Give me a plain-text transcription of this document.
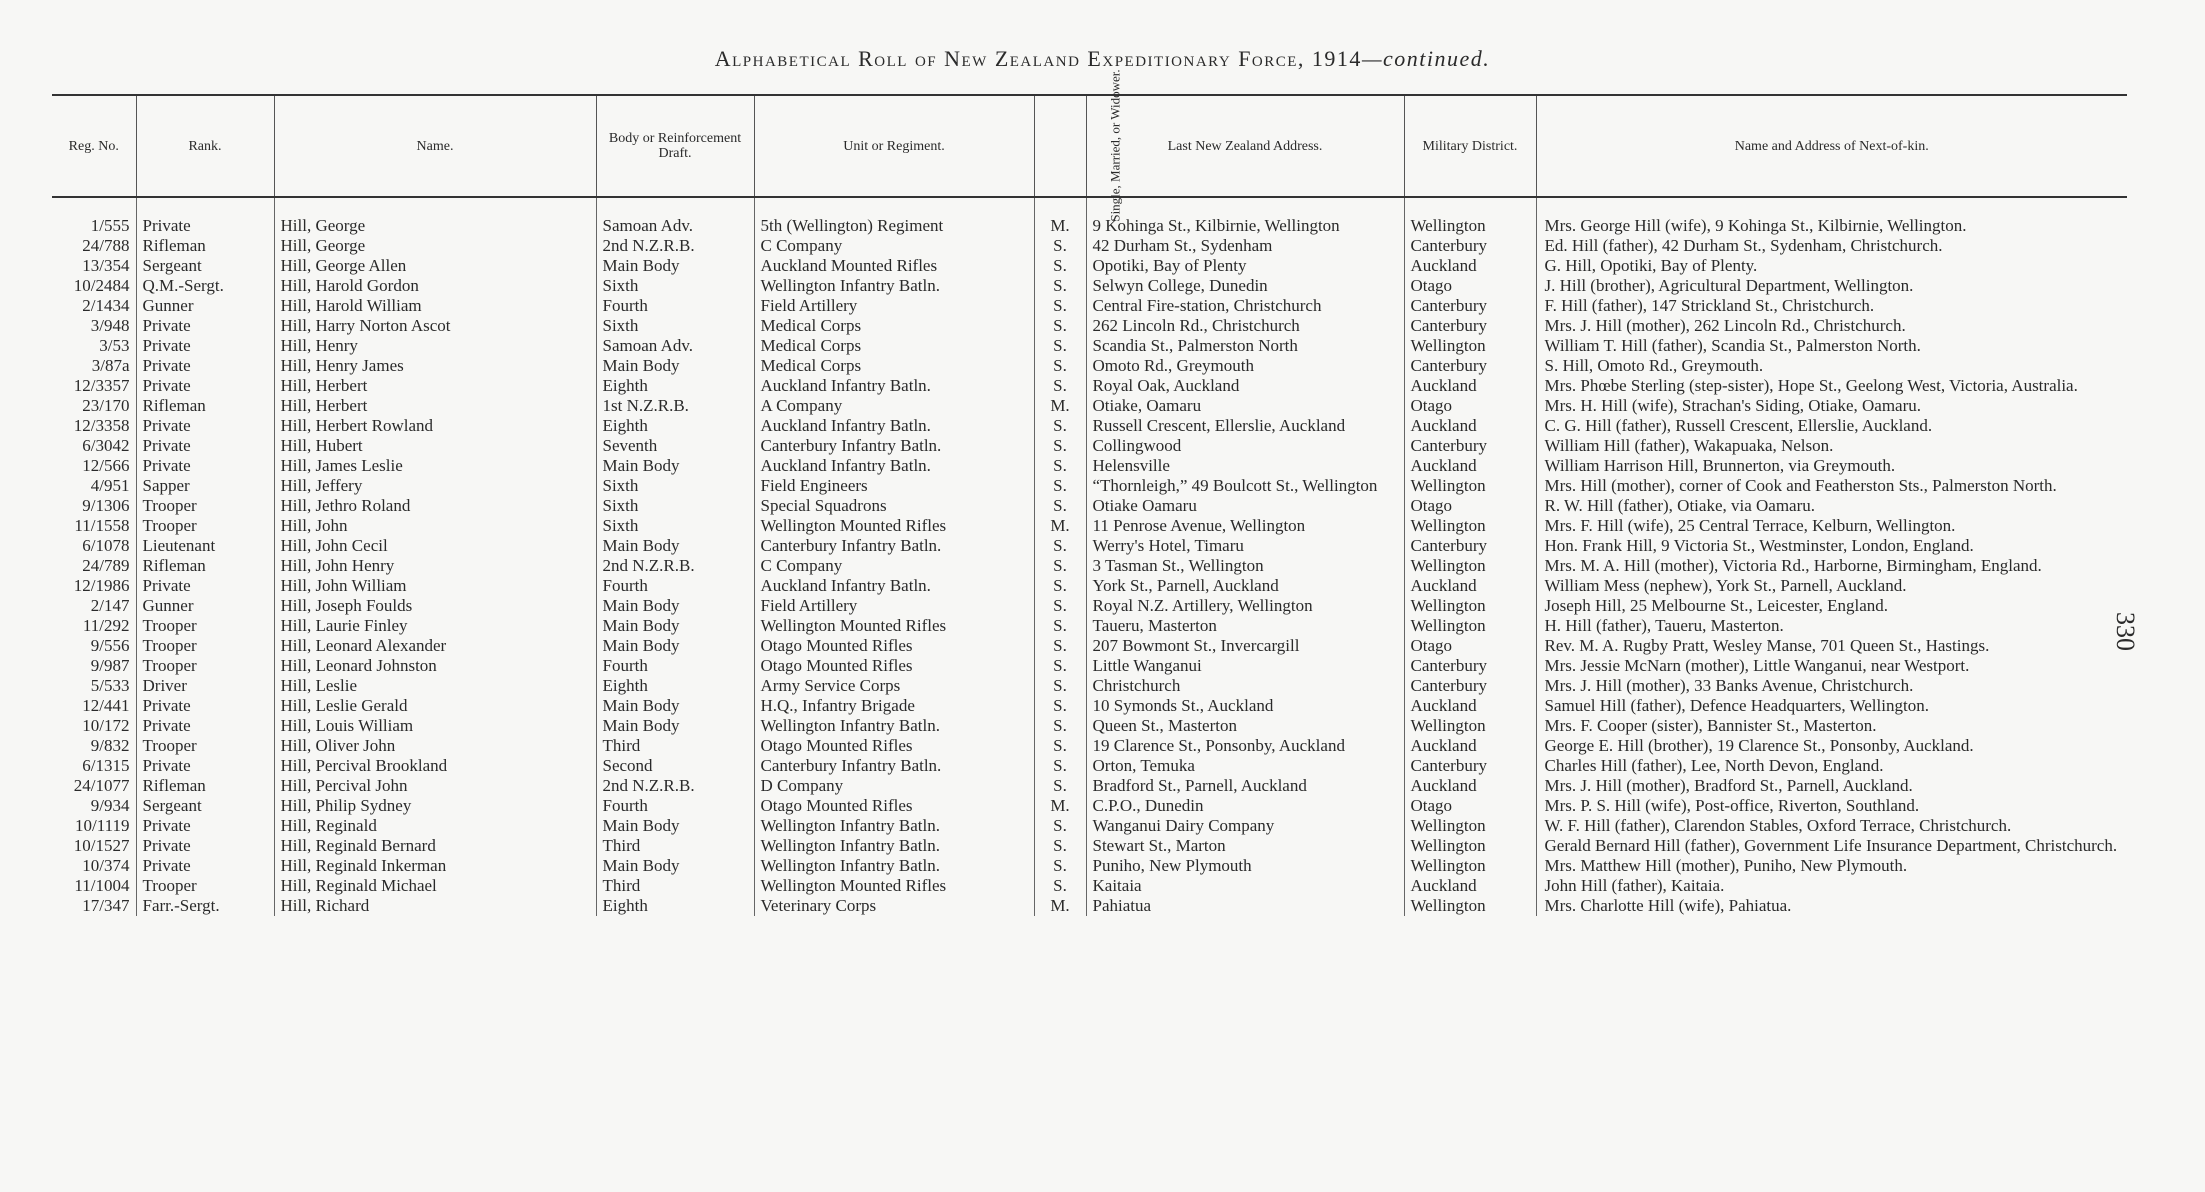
Alphabetical Roll of New Zealand Expeditionary Force, 1914—continued.
330
Reg. No.	Rank.	Name.	Body or Reinforcement Draft.	Unit or Regiment.	Single, Married, or Widower.	Last New Zealand Address.	Military District.	Name and Address of Next-of-kin.

1/555	Private	Hill, George	Samoan Adv.	5th (Wellington) Regiment	M.	9 Kohinga St., Kilbirnie, Wellington	Wellington	Mrs. George Hill (wife), 9 Kohinga St., Kilbirnie, Wellington.
24/788	Rifleman	Hill, George	2nd N.Z.R.B.	C Company	S.	42 Durham St., Sydenham	Canterbury	Ed. Hill (father), 42 Durham St., Sydenham, Christchurch.
13/354	Sergeant	Hill, George Allen	Main Body	Auckland Mounted Rifles	S.	Opotiki, Bay of Plenty	Auckland	G. Hill, Opotiki, Bay of Plenty.
10/2484	Q.M.-Sergt.	Hill, Harold Gordon	Sixth	Wellington Infantry Batln.	S.	Selwyn College, Dunedin	Otago	J. Hill (brother), Agricultural Department, Wellington.
2/1434	Gunner	Hill, Harold William	Fourth	Field Artillery	S.	Central Fire-station, Christchurch	Canterbury	F. Hill (father), 147 Strickland St., Christchurch.
3/948	Private	Hill, Harry Norton Ascot	Sixth	Medical Corps	S.	262 Lincoln Rd., Christchurch	Canterbury	Mrs. J. Hill (mother), 262 Lincoln Rd., Christchurch.
3/53	Private	Hill, Henry	Samoan Adv.	Medical Corps	S.	Scandia St., Palmerston North	Wellington	William T. Hill (father), Scandia St., Palmerston North.
3/87a	Private	Hill, Henry James	Main Body	Medical Corps	S.	Omoto Rd., Greymouth	Canterbury	S. Hill, Omoto Rd., Greymouth.
12/3357	Private	Hill, Herbert	Eighth	Auckland Infantry Batln.	S.	Royal Oak, Auckland	Auckland	Mrs. Phœbe Sterling (step-sister), Hope St., Geelong West, Victoria, Australia.
23/170	Rifleman	Hill, Herbert	1st N.Z.R.B.	A Company	M.	Otiake, Oamaru	Otago	Mrs. H. Hill (wife), Strachan's Siding, Otiake, Oamaru.
12/3358	Private	Hill, Herbert Rowland	Eighth	Auckland Infantry Batln.	S.	Russell Crescent, Ellerslie, Auckland	Auckland	C. G. Hill (father), Russell Crescent, Ellerslie, Auckland.
6/3042	Private	Hill, Hubert	Seventh	Canterbury Infantry Batln.	S.	Collingwood	Canterbury	William Hill (father), Wakapuaka, Nelson.
12/566	Private	Hill, James Leslie	Main Body	Auckland Infantry Batln.	S.	Helensville	Auckland	William Harrison Hill, Brunnerton, via Greymouth.
4/951	Sapper	Hill, Jeffery	Sixth	Field Engineers	S.	“Thornleigh,” 49 Boulcott St., Wellington	Wellington	Mrs. Hill (mother), corner of Cook and Featherston Sts., Palmerston North.
9/1306	Trooper	Hill, Jethro Roland	Sixth	Special Squadrons	S.	Otiake Oamaru	Otago	R. W. Hill (father), Otiake, via Oamaru.
11/1558	Trooper	Hill, John	Sixth	Wellington Mounted Rifles	M.	11 Penrose Avenue, Wellington	Wellington	Mrs. F. Hill (wife), 25 Central Terrace, Kelburn, Wellington.
6/1078	Lieutenant	Hill, John Cecil	Main Body	Canterbury Infantry Batln.	S.	Werry's Hotel, Timaru	Canterbury	Hon. Frank Hill, 9 Victoria St., Westminster, London, England.
24/789	Rifleman	Hill, John Henry	2nd N.Z.R.B.	C Company	S.	3 Tasman St., Wellington	Wellington	Mrs. M. A. Hill (mother), Victoria Rd., Harborne, Birmingham, England.
12/1986	Private	Hill, John William	Fourth	Auckland Infantry Batln.	S.	York St., Parnell, Auckland	Auckland	William Mess (nephew), York St., Parnell, Auckland.
2/147	Gunner	Hill, Joseph Foulds	Main Body	Field Artillery	S.	Royal N.Z. Artillery, Wellington	Wellington	Joseph Hill, 25 Melbourne St., Leicester, England.
11/292	Trooper	Hill, Laurie Finley	Main Body	Wellington Mounted Rifles	S.	Taueru, Masterton	Wellington	H. Hill (father), Taueru, Masterton.
9/556	Trooper	Hill, Leonard Alexander	Main Body	Otago Mounted Rifles	S.	207 Bowmont St., Invercargill	Otago	Rev. M. A. Rugby Pratt, Wesley Manse, 701 Queen St., Hastings.
9/987	Trooper	Hill, Leonard Johnston	Fourth	Otago Mounted Rifles	S.	Little Wanganui	Canterbury	Mrs. Jessie McNarn (mother), Little Wanganui, near Westport.
5/533	Driver	Hill, Leslie	Eighth	Army Service Corps	S.	Christchurch	Canterbury	Mrs. J. Hill (mother), 33 Banks Avenue, Christchurch.
12/441	Private	Hill, Leslie Gerald	Main Body	H.Q., Infantry Brigade	S.	10 Symonds St., Auckland	Auckland	Samuel Hill (father), Defence Headquarters, Wellington.
10/172	Private	Hill, Louis William	Main Body	Wellington Infantry Batln.	S.	Queen St., Masterton	Wellington	Mrs. F. Cooper (sister), Bannister St., Masterton.
9/832	Trooper	Hill, Oliver John	Third	Otago Mounted Rifles	S.	19 Clarence St., Ponsonby, Auckland	Auckland	George E. Hill (brother), 19 Clarence St., Ponsonby, Auckland.
6/1315	Private	Hill, Percival Brookland	Second	Canterbury Infantry Batln.	S.	Orton, Temuka	Canterbury	Charles Hill (father), Lee, North Devon, England.
24/1077	Rifleman	Hill, Percival John	2nd N.Z.R.B.	D Company	S.	Bradford St., Parnell, Auckland	Auckland	Mrs. J. Hill (mother), Bradford St., Parnell, Auckland.
9/934	Sergeant	Hill, Philip Sydney	Fourth	Otago Mounted Rifles	M.	C.P.O., Dunedin	Otago	Mrs. P. S. Hill (wife), Post-office, Riverton, Southland.
10/1119	Private	Hill, Reginald	Main Body	Wellington Infantry Batln.	S.	Wanganui Dairy Company	Wellington	W. F. Hill (father), Clarendon Stables, Oxford Terrace, Christchurch.
10/1527	Private	Hill, Reginald Bernard	Third	Wellington Infantry Batln.	S.	Stewart St., Marton	Wellington	Gerald Bernard Hill (father), Government Life Insurance Department, Christchurch.
10/374	Private	Hill, Reginald Inkerman	Main Body	Wellington Infantry Batln.	S.	Puniho, New Plymouth	Wellington	Mrs. Matthew Hill (mother), Puniho, New Plymouth.
11/1004	Trooper	Hill, Reginald Michael	Third	Wellington Mounted Rifles	S.	Kaitaia	Auckland	John Hill (father), Kaitaia.
17/347	Farr.-Sergt.	Hill, Richard	Eighth	Veterinary Corps	M.	Pahiatua	Wellington	Mrs. Charlotte Hill (wife), Pahiatua.
